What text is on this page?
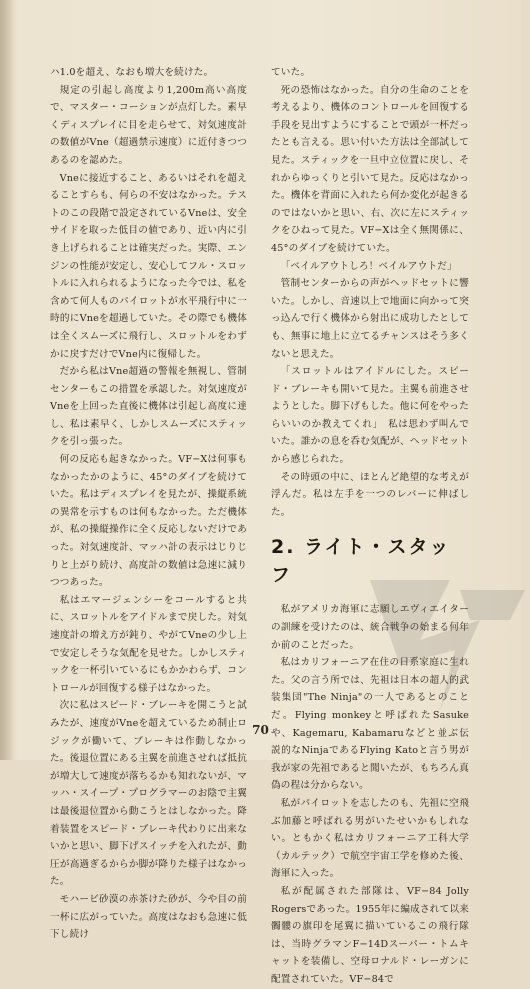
ハ1.0を超え、なおも増大を続けた。

規定の引起し高度より1,200m高い高度で、マスター・コーションが点灯した。素早くディスプレイに目を走らせて、対気速度計の数値がVne（超過禁示速度）に近付きつつあるのを認めた。

Vneに接近すること、あるいはそれを超えることすらも、何らの不安はなかった。テストのこの段階で設定されているVneは、安全サイドを取った低目の値であり、近い内に引き上げられることは確実だった。実際、エンジンの性能が安定し、安心してフル・スロットルに入れられるようになった今では、私を含めて何人ものパイロットが水平飛行中に一時的にVneを超過していた。その際でも機体は全くスムーズに飛行し、スロットルをわずかに戻すだけでVne内に復帰した。

だから私はVne超過の警報を無視し、管制センターもこの措置を承認した。対気速度がVneを上回った直後に機体は引起し高度に達し、私は素早く、しかしスムーズにスティックを引っ張った。

何の反応も起きなかった。VF−Xは何事もなかったかのように、45°のダイブを続けていた。私はディスプレイを見たが、操縦系統の異常を示すものは何もなかった。ただ機体が、私の操縦操作に全く反応しないだけであった。対気速度計、マッハ計の表示はじりじりと上がり続け、高度計の数値は急速に減りつつあった。

私はエマージェンシーをコールすると共に、スロットルをアイドルまで戻した。対気速度計の増え方が鈍り、やがてVneの少し上で安定しそうな気配を見せた。しかしスティックを一杯引いているにもかかわらず、コントロールが回復する様子はなかった。

次に私はスピード・ブレーキを開こうと試みたが、速度がVneを超えているため制止ロジックが働いて、ブレーキは作動しなかった。後退位置にある主翼を前進させれば抵抗が増大して速度が落ちるかも知れないが、マッハ・スイープ・プログラマーのお陰で主翼は最後退位置から動こうとはしなかった。降着装置をスピード・ブレーキ代わりに出来ないかと思い、脚下げスイッチを入れたが、動圧が高過ぎるからか脚が降りた様子はなかった。

モハービ砂漠の赤茶けた砂が、今や目の前一杯に広がっていた。高度はなおも急速に低下し続け

ていた。

死の恐怖はなかった。自分の生命のことを考えるより、機体のコントロールを回復する手段を見出すようにすることで頭が一杯だったとも言える。思い付いた方法は全部試して見た。スティックを一旦中立位置に戻し、それからゆっくりと引いて見た。反応はなかった。機体を背面に入れたら何か変化が起きるのではないかと思い、右、次に左にスティックをひねって見た。VF−Xは全く無関係に、45°のダイブを続けていた。

「ベイルアウトしろ！ベイルアウトだ」

管制センターからの声がヘッドセットに響いた。しかし、音速以上で地面に向かって突っ込んで行く機体から射出に成功したとしても、無事に地上に立てるチャンスはそう多くないと思えた。

「スロットルはアイドルにした。スピード・ブレーキも開いて見た。主翼も前進させようとした。脚下げもした。他に何をやったらいいのか教えてくれ」　私は思わず叫んでいた。誰かの息を呑む気配が、ヘッドセットから感じられた。

その時頭の中に、ほとんど絶望的な考えが浮んだ。私は左手を一つのレバーに伸ばした。

2. ライト・スタッフ

私がアメリカ海軍に志願しエヴィエイターの訓練を受けたのは、統合戦争の始まる何年か前のことだった。

私はカリフォーニア在住の日系家庭に生れた。父の言う所では、先祖は日本の超人的武装集団"The Ninja"の一人であるとのことだ。Flying monkeyと呼ばれたSasuke や、Kagemaru, Kabamaruなどと並ぶ伝説的なNinjaであるFlying Katoと言う男が我が家の先祖であると聞いたが、もちろん真偽の程は分からない。

私がパイロットを志したのも、先祖に空飛ぶ加藤と呼ばれる男がいたせいかもしれない。ともかく私はカリフォーニア工科大学（カルテック）で航空宇宙工学を修めた後、海軍に入った。

私が配属された部隊は、VF−84 Jolly Rogersであった。1955年に編成されて以来髑髏の旗印を尾翼に描いているこの飛行隊は、当時グラマンF−14Dスーパー・トムキャットを装備し、空母ロナルド・レーガンに配置されていた。VF−84で

70
